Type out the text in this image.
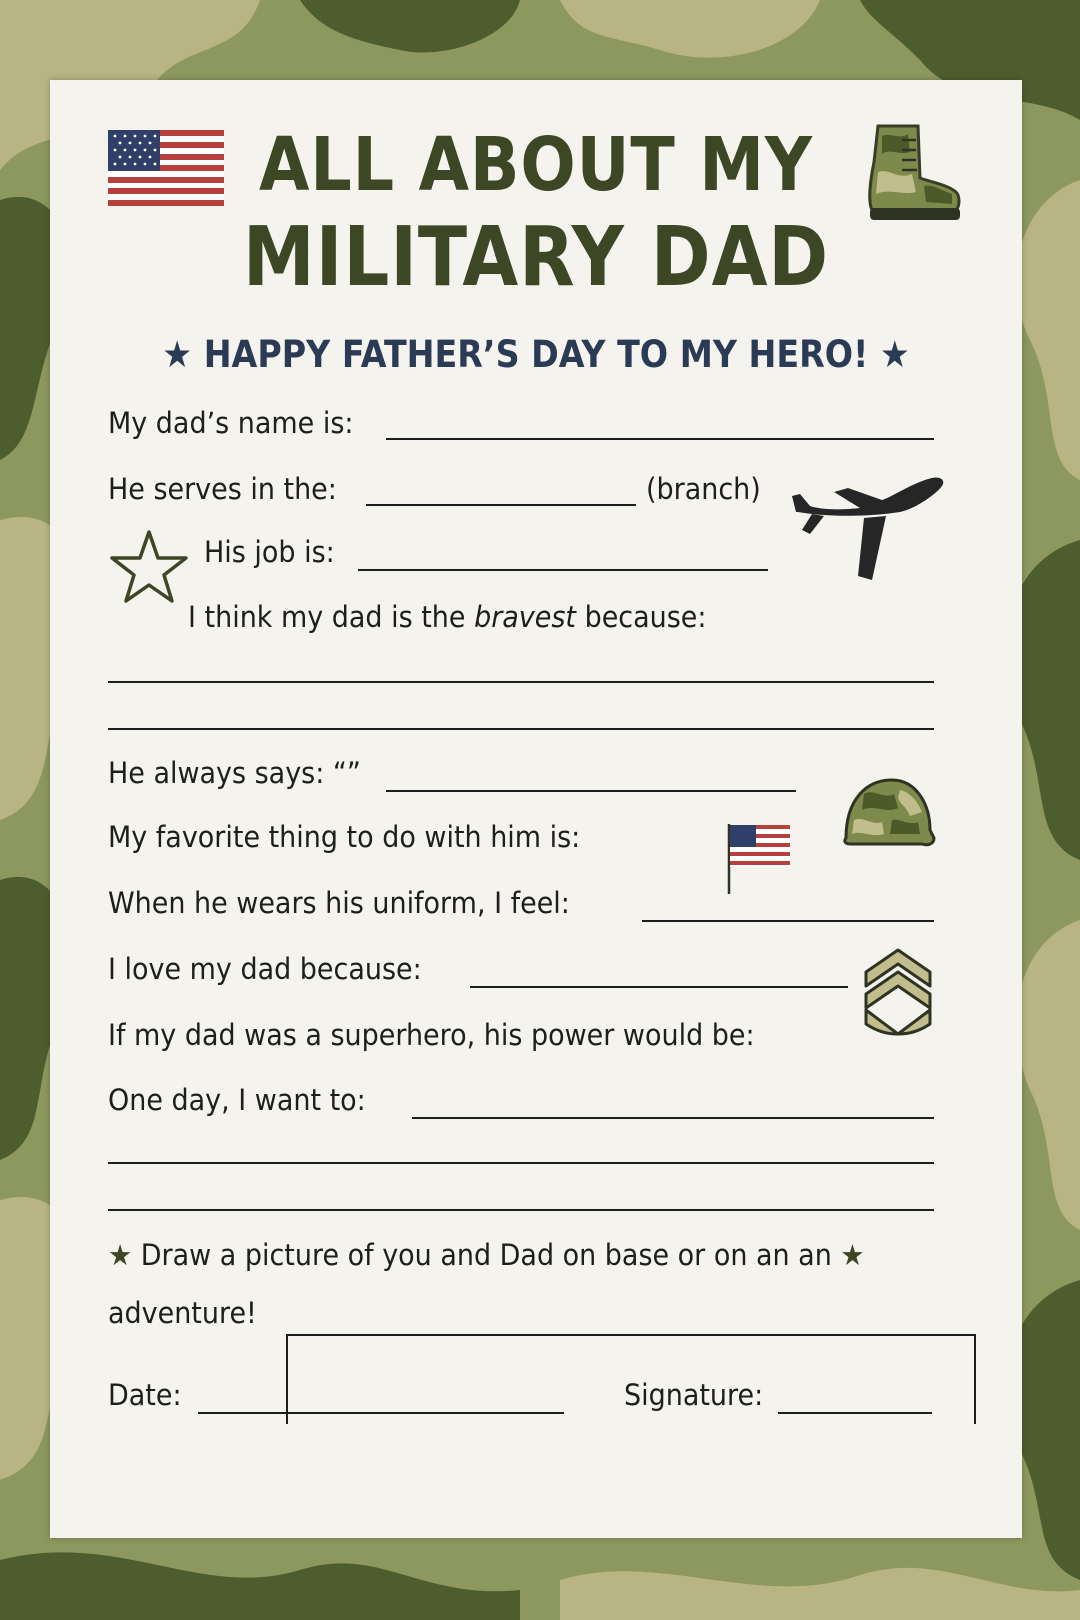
ALL ABOUT MY
MILITARY DAD
★ HAPPY FATHER’S DAY TO MY HERO! ★
My dad’s name is:
He serves in the:	(branch)
His job is:
I think my dad is the bravest because:
He always says: “”
My favorite thing to do with him is:
When he wears his uniform, I feel:
I love my dad because:
If my dad was a superhero, his power would be:
One day, I want to:
★ Draw a picture of you and Dad on base or on an an ★
adventure!
Date:	Signature:
